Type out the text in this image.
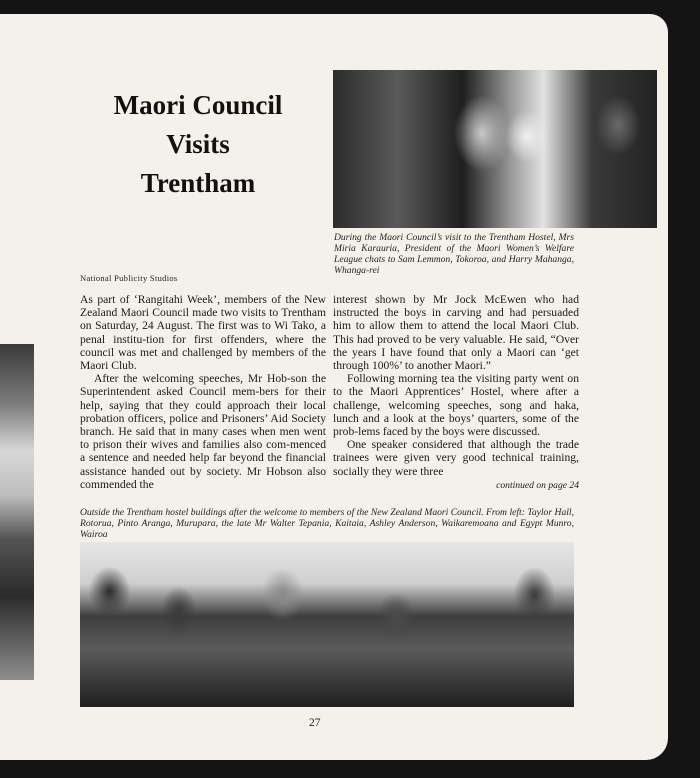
Maori Council
Visits
Trentham
National Publicity Studios
During the Maori Council’s visit to the Trentham Hostel, Mrs Miria Karauria, President of the Maori Women’s Welfare League chats to Sam Lemmon, Tokoroa, and Harry Mahanga, Whanga-rei

As part of ‘Rangitahi Week’, members of the New Zealand Maori Council made two visits to Trentham on Saturday, 24 August. The first was to Wi Tako, a penal institu-tion for first offenders, where the council was met and challenged by members of the Maori Club.

After the welcoming speeches, Mr Hob-son the Superintendent asked Council mem-bers for their help, saying that they could approach their local probation officers, police and Prisoners’ Aid Society branch. He said that in many cases when men went to prison their wives and families also com-menced a sentence and needed help far beyond the financial assistance handed out by society. Mr Hobson also commended the

interest shown by Mr Jock McEwen who had instructed the boys in carving and had persuaded him to allow them to attend the local Maori Club. This had proved to be very valuable. He said, “Over the years I have found that only a Maori can ‘get through 100%’ to another Maori.”

Following morning tea the visiting party went on to the Maori Apprentices’ Hostel, where after a challenge, welcoming speeches, song and haka, lunch and a look at the boys’ quarters, some of the prob-lems faced by the boys were discussed.

One speaker considered that although the trade trainees were given very good technical training, socially they were three

continued on page 24
Outside the Trentham hostel buildings after the welcome to members of the New Zealand Maori Council. From left: Taylor Hall, Rotorua, Pinto Aranga, Murupara, the late Mr Walter Tepania, Kaitaia, Ashley Anderson, Waikaremoana and Egypt Munro, Wairoa
27
